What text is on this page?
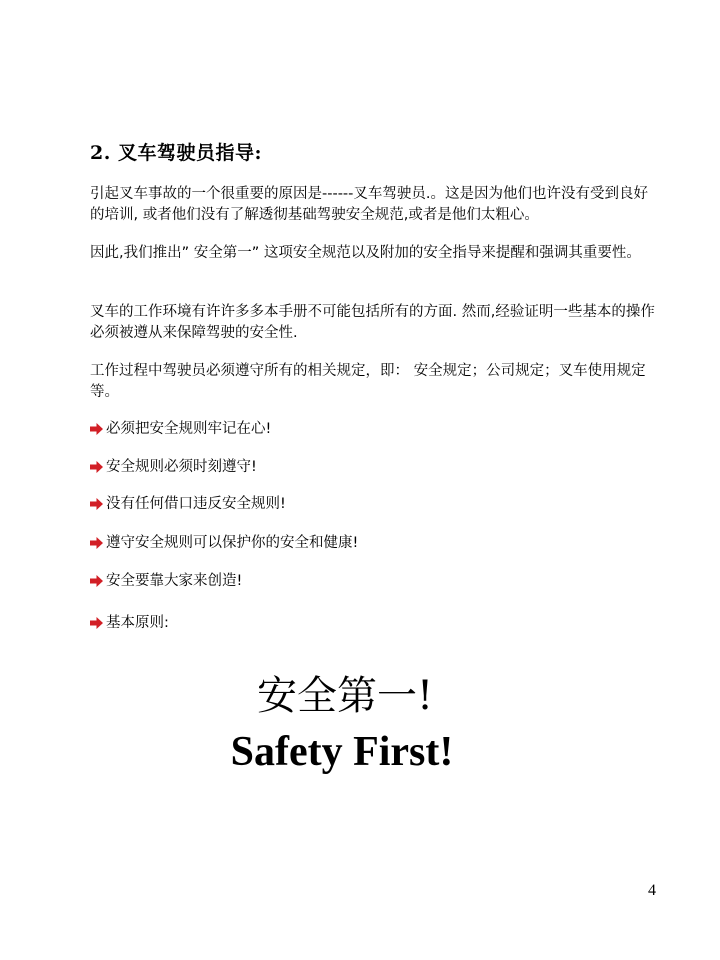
2. 叉车驾驶员指导:

引起叉车事故的一个很重要的原因是------叉车驾驶员.。这是因为他们也许没有受到良好的培训, 或者他们没有了解透彻基础驾驶安全规范,或者是他们太粗心。

因此,我们推出” 安全第一” 这项安全规范以及附加的安全指导来提醒和强调其重要性。

叉车的工作环境有许许多多本手册不可能包括所有的方面. 然而,经验证明一些基本的操作必须被遵从来保障驾驶的安全性.

工作过程中驾驶员必须遵守所有的相关规定，即： 安全规定；公司规定；叉车使用规定等。

必须把安全规则牢记在心!
安全规则必须时刻遵守!
没有任何借口违反安全规则!
遵守安全规则可以保护你的安全和健康!
安全要靠大家来创造!
基本原则:
安全第一!
Safety First!
4
